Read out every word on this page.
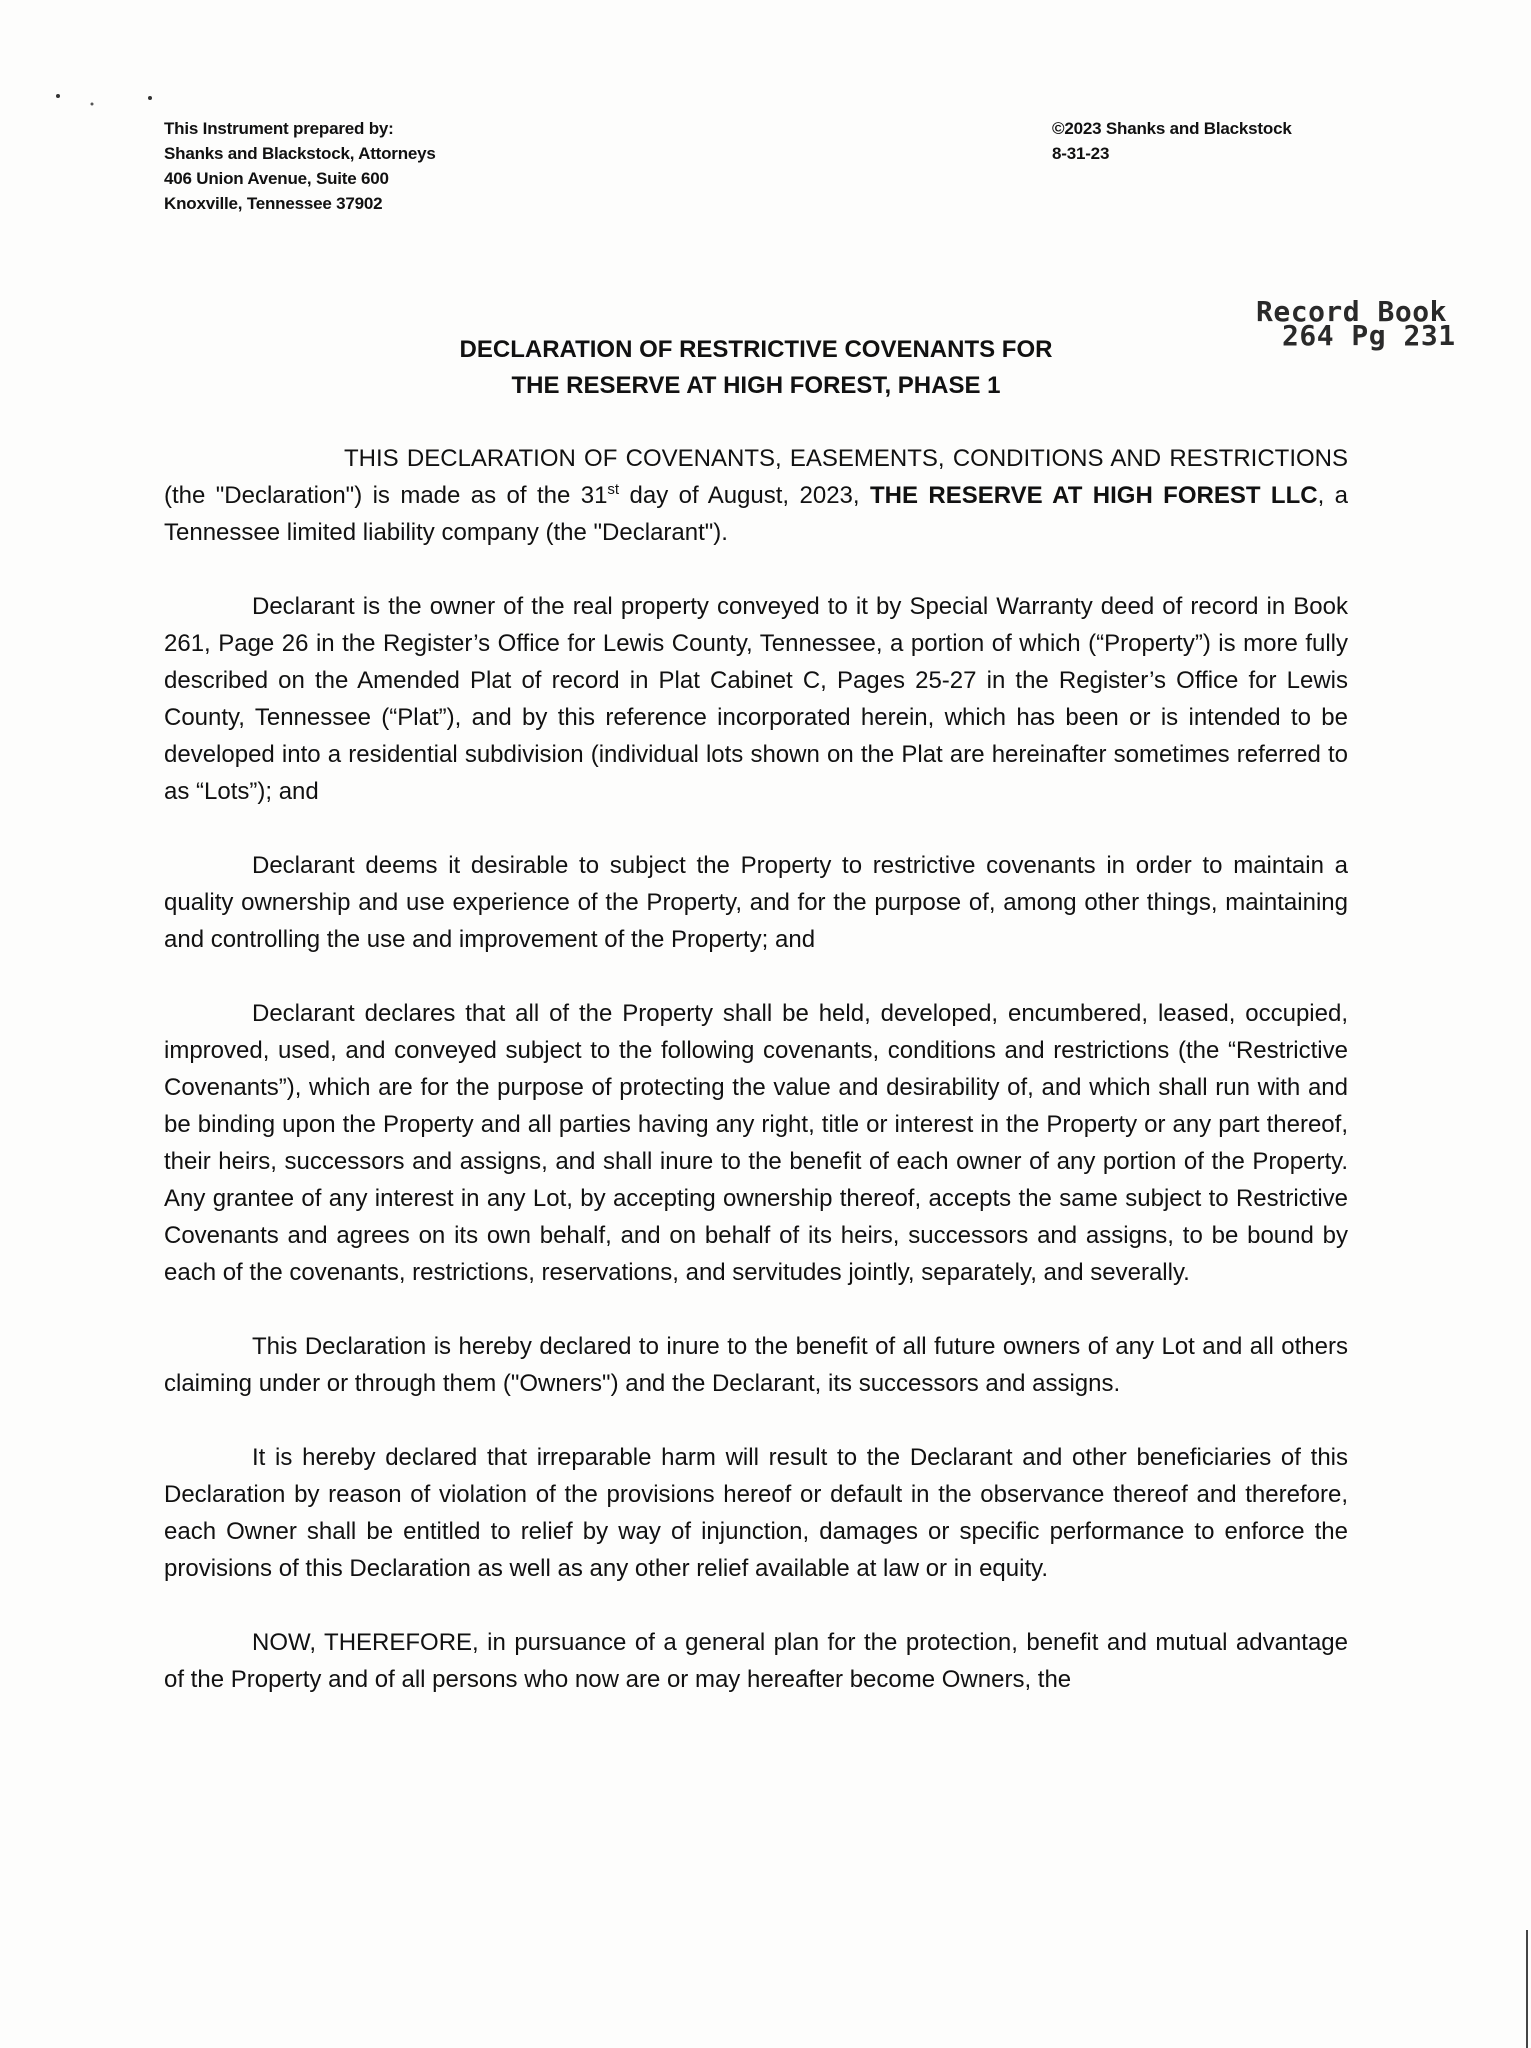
This Instrument prepared by:
Shanks and Blackstock, Attorneys
406 Union Avenue, Suite 600
Knoxville, Tennessee 37902
©2023 Shanks and Blackstock
8-31-23
Record Book
264 Pg 231
DECLARATION OF RESTRICTIVE COVENANTS FOR
THE RESERVE AT HIGH FOREST, PHASE 1

THIS DECLARATION OF COVENANTS, EASEMENTS, CONDITIONS AND RESTRICTIONS (the "Declaration") is made as of the 31st day of August, 2023, THE RESERVE AT HIGH FOREST LLC, a Tennessee limited liability company (the "Declarant").

Declarant is the owner of the real property conveyed to it by Special Warranty deed of record in Book 261, Page 26 in the Register’s Office for Lewis County, Tennessee, a portion of which (“Property”) is more fully described on the Amended Plat of record in Plat Cabinet C, Pages 25-27 in the Register’s Office for Lewis County, Tennessee (“Plat”), and by this reference incorporated herein, which has been or is intended to be developed into a residential subdivision (individual lots shown on the Plat are hereinafter sometimes referred to as “Lots”); and

Declarant deems it desirable to subject the Property to restrictive covenants in order to maintain a quality ownership and use experience of the Property, and for the purpose of, among other things, maintaining and controlling the use and improvement of the Property; and

Declarant declares that all of the Property shall be held, developed, encumbered, leased, occupied, improved, used, and conveyed subject to the following covenants, conditions and restrictions (the “Restrictive Covenants”), which are for the purpose of protecting the value and desirability of, and which shall run with and be binding upon the Property and all parties having any right, title or interest in the Property or any part thereof, their heirs, successors and assigns, and shall inure to the benefit of each owner of any portion of the Property. Any grantee of any interest in any Lot, by accepting ownership thereof, accepts the same subject to Restrictive Covenants and agrees on its own behalf, and on behalf of its heirs, successors and assigns, to be bound by each of the covenants, restrictions, reservations, and servitudes jointly, separately, and severally.

This Declaration is hereby declared to inure to the benefit of all future owners of any Lot and all others claiming under or through them ("Owners") and the Declarant, its successors and assigns.

It is hereby declared that irreparable harm will result to the Declarant and other beneficiaries of this Declaration by reason of violation of the provisions hereof or default in the observance thereof and therefore, each Owner shall be entitled to relief by way of injunction, damages or specific performance to enforce the provisions of this Declaration as well as any other relief available at law or in equity.

NOW, THEREFORE, in pursuance of a general plan for the protection, benefit and mutual advantage of the Property and of all persons who now are or may hereafter become Owners, the
